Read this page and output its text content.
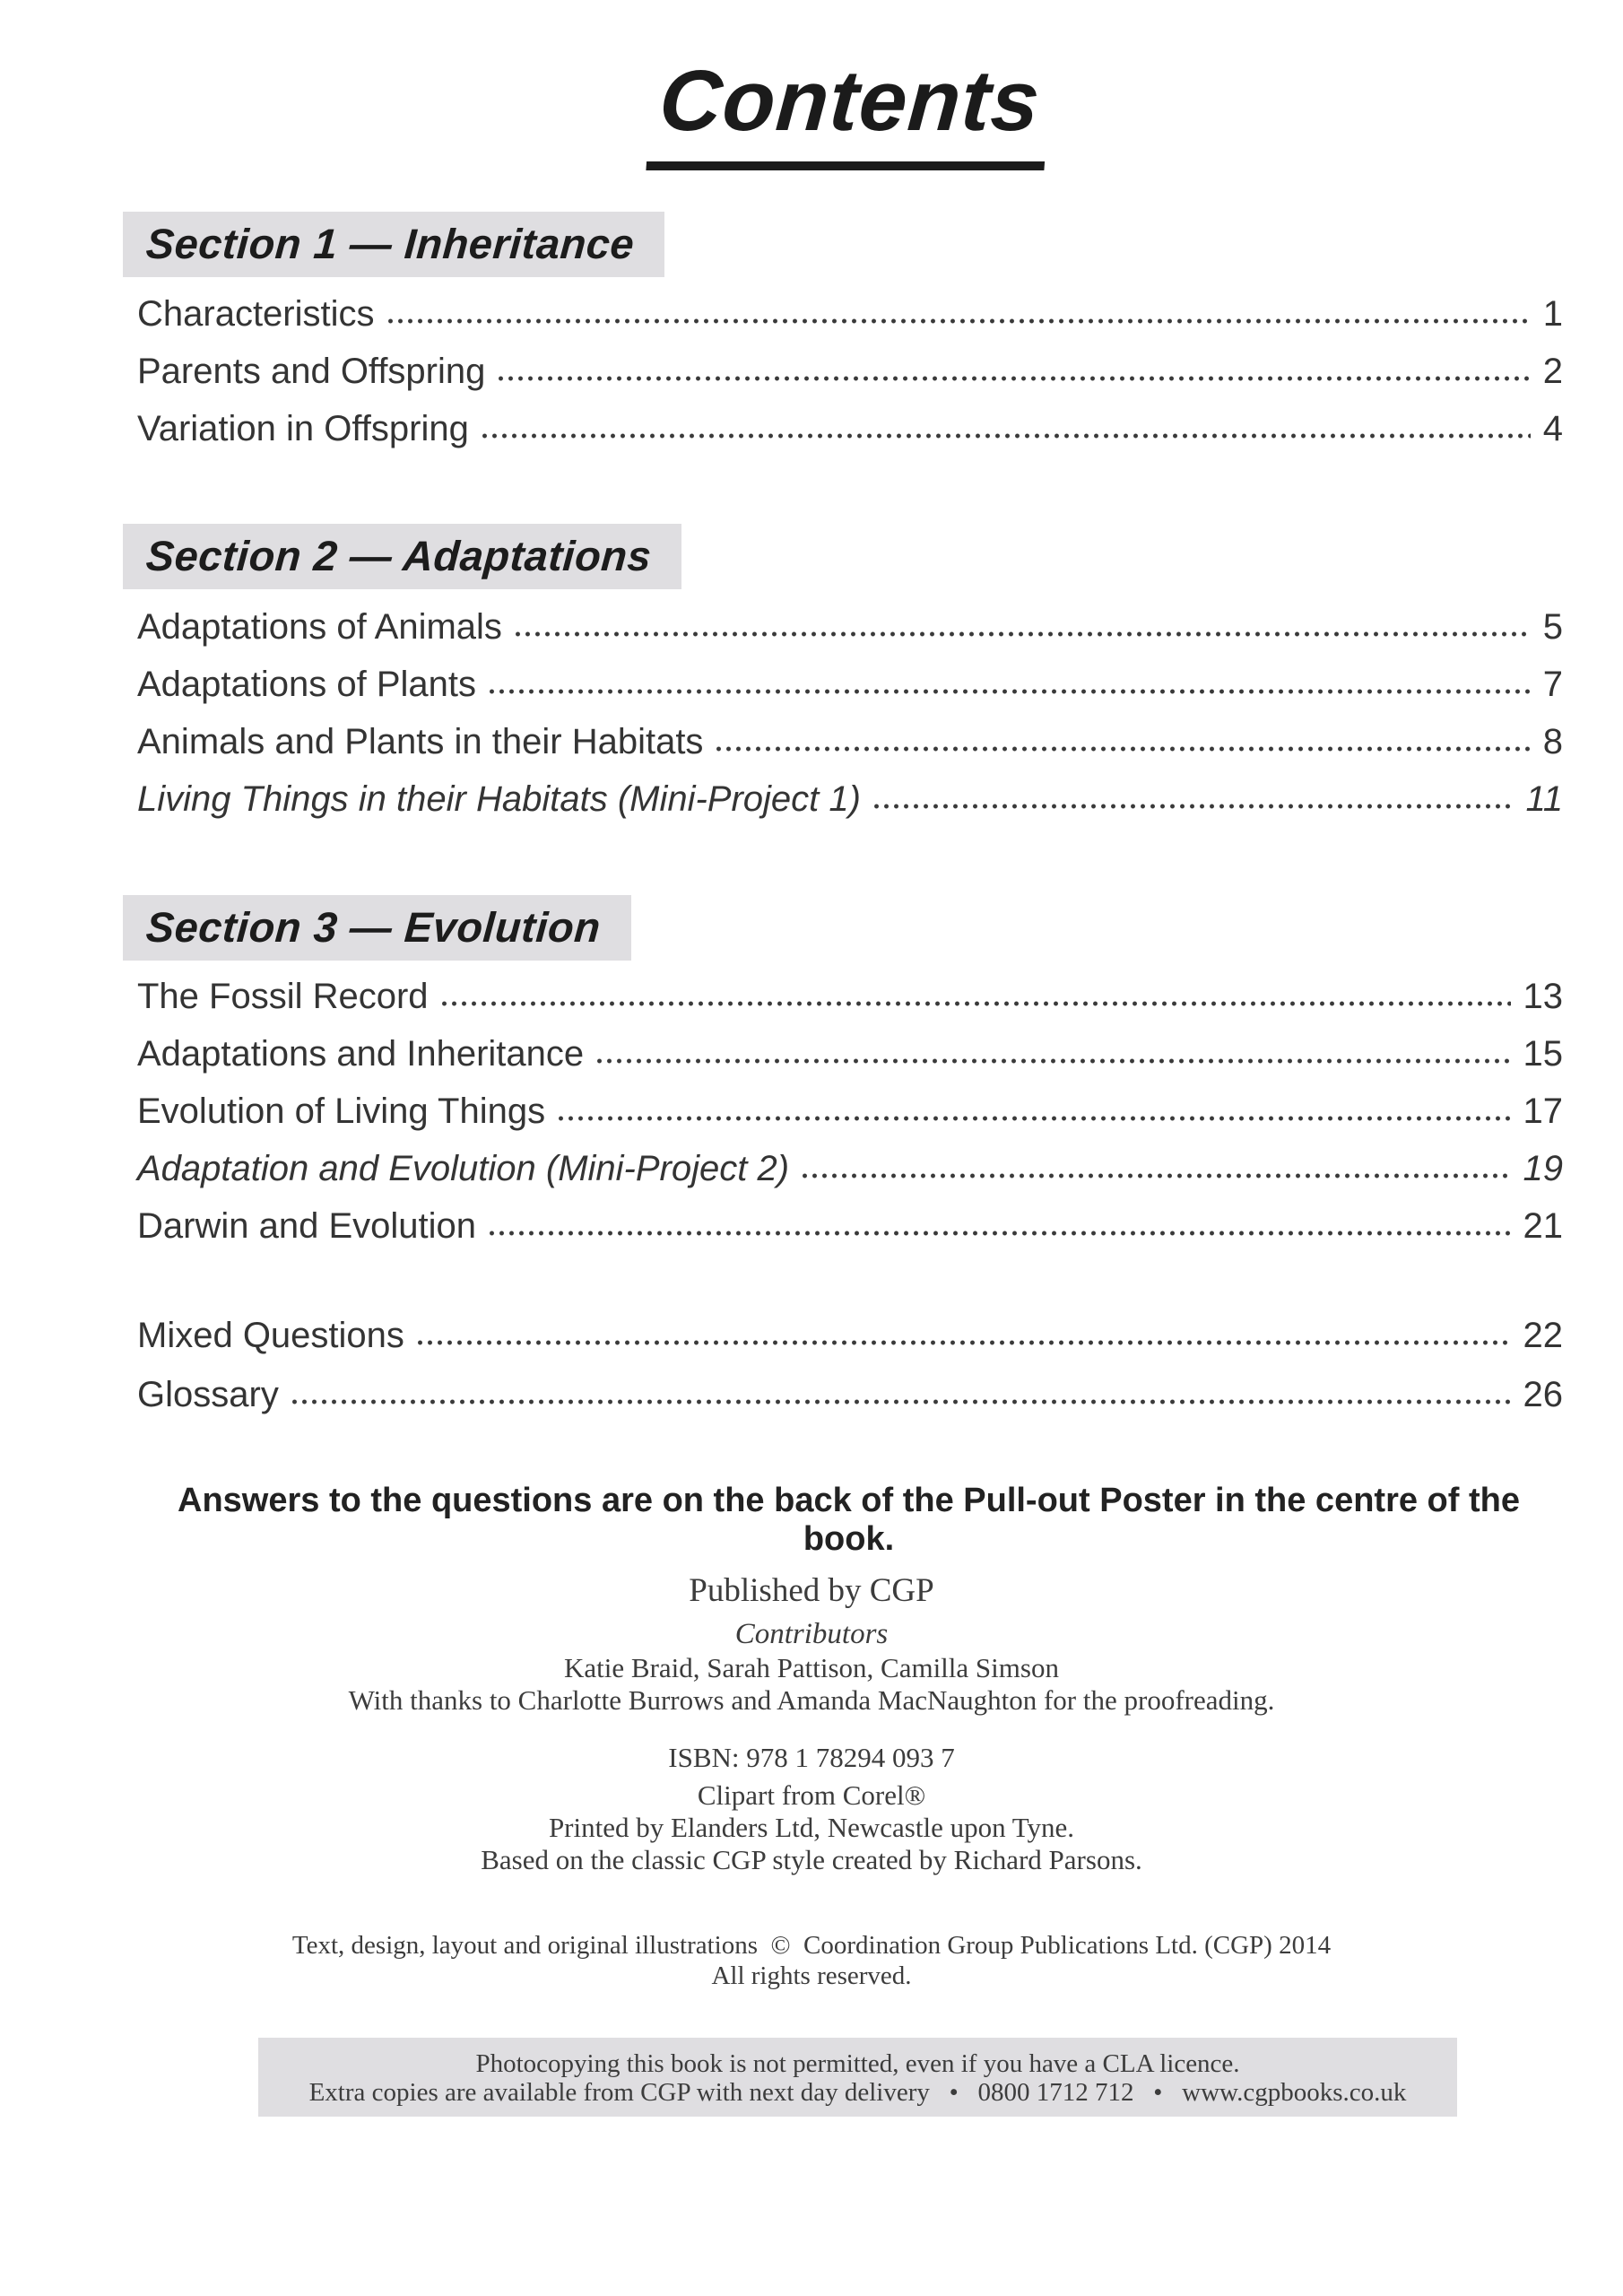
Contents
Section 1 — Inheritance
Characteristics	1
Parents and Offspring	2
Variation in Offspring	4
Section 2 — Adaptations
Adaptations of Animals	5
Adaptations of Plants	7
Animals and Plants in their Habitats	8
Living Things in their Habitats (Mini-Project 1)	11
Section 3 — Evolution
The Fossil Record	13
Adaptations and Inheritance	15
Evolution of Living Things	17
Adaptation and Evolution (Mini-Project 2)	19
Darwin and Evolution	21
Mixed Questions	22
Glossary	26
Answers to the questions are on the back of the Pull-out Poster in the centre of the book.
Published by CGP
Contributors
Katie Braid, Sarah Pattison, Camilla Simson
With thanks to Charlotte Burrows and Amanda MacNaughton for the proofreading.
ISBN: 978 1 78294 093 7
Clipart from Corel®
Printed by Elanders Ltd, Newcastle upon Tyne.
Based on the classic CGP style created by Richard Parsons.
Text, design, layout and original illustrations  ©  Coordination Group Publications Ltd. (CGP) 2014
All rights reserved.
Photocopying this book is not permitted, even if you have a CLA licence.
Extra copies are available from CGP with next day delivery   •   0800 1712 712   •   www.cgpbooks.co.uk
